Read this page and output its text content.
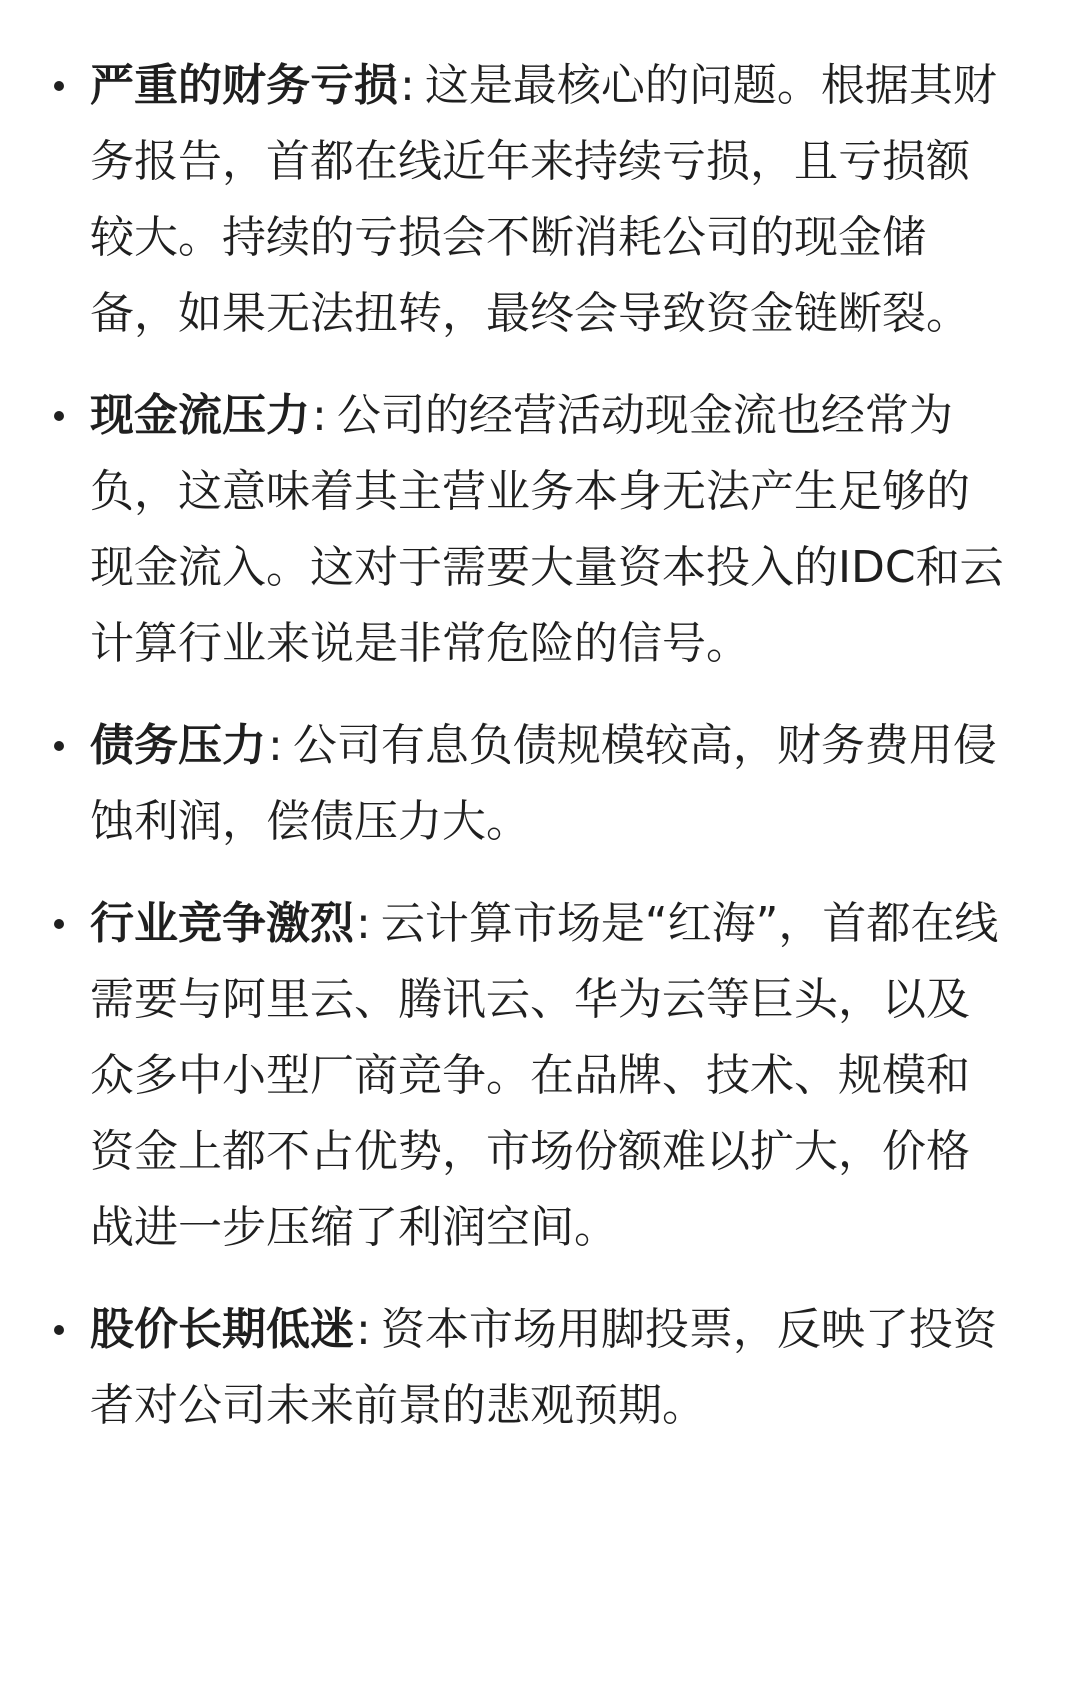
严重的财务亏损: 这是最核心的问题。根据其财务报告，首都在线近年来持续亏损，且亏损额较大。持续的亏损会不断消耗公司的现金储备，如果无法扭转，最终会导致资金链断裂。
现金流压力: 公司的经营活动现金流也经常为负，这意味着其主营业务本身无法产生足够的现金流入。这对于需要大量资本投入的IDC和云计算行业来说是非常危险的信号。
债务压力: 公司有息负债规模较高，财务费用侵蚀利润，偿债压力大。
行业竞争激烈: 云计算市场是“红海”，首都在线需要与阿里云、腾讯云、华为云等巨头，以及众多中小型厂商竞争。在品牌、技术、规模和资金上都不占优势，市场份额难以扩大，价格战进一步压缩了利润空间。
股价长期低迷: 资本市场用脚投票，反映了投资者对公司未来前景的悲观预期。
